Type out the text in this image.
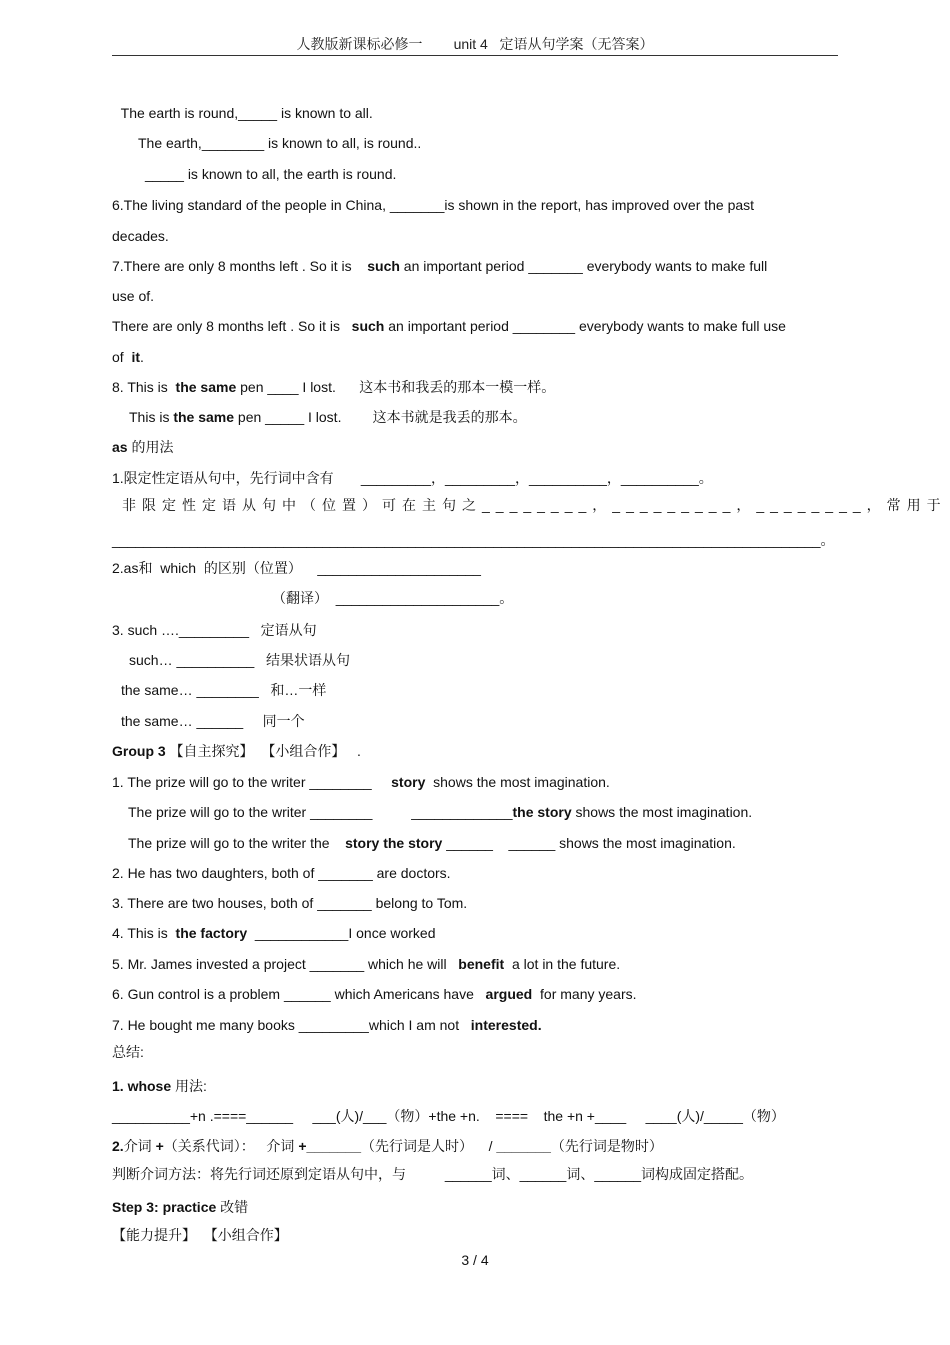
人教版新课标必修一        unit 4   定语从句学案（无答案）
The earth is round,_____ is known to all.
The earth,________ is known to all, is round..
_____ is known to all, the earth is round.
6.The living standard of the people in China, _______is shown in the report, has improved over the past
decades.
7.There are only 8 months left . So it is    such an important period _______ everybody wants to make full
use of.
There are only 8 months left . So it is   such an important period ________ everybody wants to make full use
of  it.
8. This is  the same pen ____ I lost.      这本书和我丢的那本一模一样。
This is the same pen _____ I lost.        这本书就是我丢的那本。
as 的用法
1.限定性定语从句中，先行词中含有       _________，_________，__________，__________。
非限定性定语从句中（位置）可在主句之________，_________，________，常用于
___________________________________________________________________________________________。
2.as和  which  的区别（位置）    _____________________
（翻译）  _____________________。
3. such …._________   定语从句
such… __________   结果状语从句
the same… ________   和…一样
the same… ______     同一个
Group 3 【自主探究】  【小组合作】   .
1. The prize will go to the writer ________     story  shows the most imagination.
The prize will go to the writer ________          _____________the story shows the most imagination.
The prize will go to the writer the    story the story ______    ______ shows the most imagination.
2. He has two daughters, both of _______ are doctors.
3. There are two houses, both of _______ belong to Tom.
4. This is  the factory  ____________I once worked
5. Mr. James invested a project _______ which he will   benefit  a lot in the future.
6. Gun control is a problem ______ which Americans have   argued  for many years.
7. He bought me many books _________which I am not   interested.
总结:
1. whose 用法:
__________+n .====______     ___(人)/___（物）+the +n.    ====    the +n +____     ____(人)/_____（物）
2.介词 +（关系代词）：   介词 +_______（先行词是人时）    / _______（先行词是物时）
判断介词方法：将先行词还原到定语从句中，与          ______词、______词、______词构成固定搭配。
Step 3: practice 改错
【能力提升】  【小组合作】
3 / 4
